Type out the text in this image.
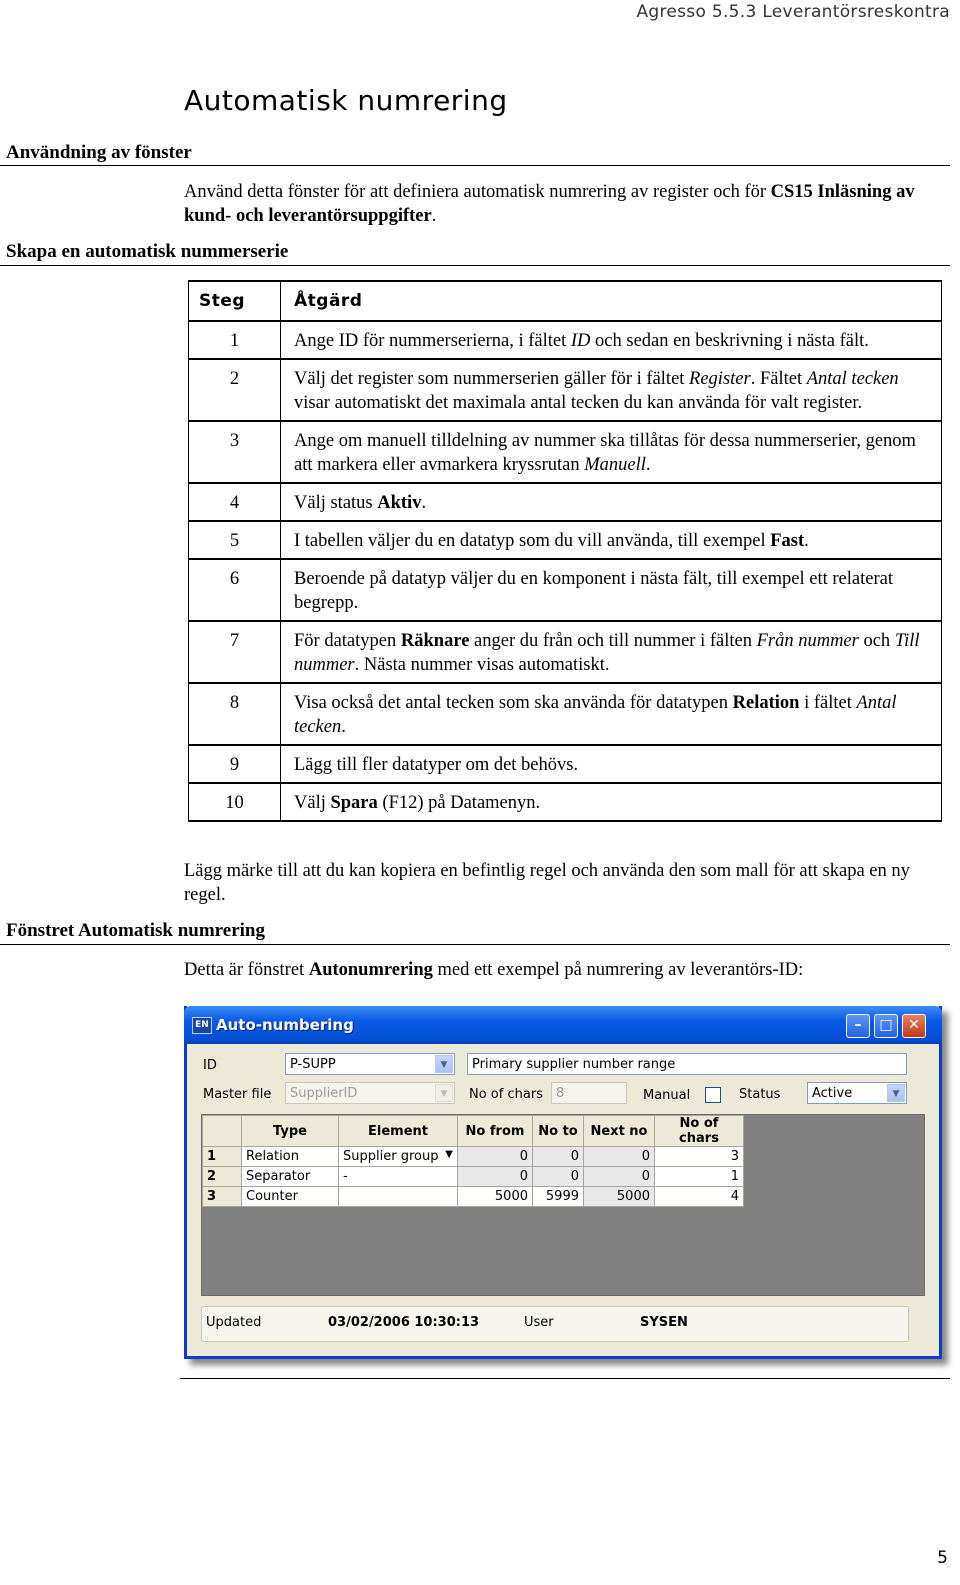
Agresso 5.5.3 Leverantörsreskontra
Automatisk numrering
Användning av fönster
Använd detta fönster för att definiera automatisk numrering av register och för CS15 Inläsning av kund- och leverantörsuppgifter.
Skapa en automatisk nummerserie
Steg	Åtgärd
1	Ange ID för nummerserierna, i fältet ID och sedan en beskrivning i nästa fält.
2	Välj det register som nummerserien gäller för i fältet Register. Fältet Antal tecken visar automatiskt det maximala antal tecken du kan använda för valt register.
3	Ange om manuell tilldelning av nummer ska tillåtas för dessa nummerserier, genom att markera eller avmarkera kryssrutan Manuell.
4	Välj status Aktiv.
5	I tabellen väljer du en datatyp som du vill använda, till exempel Fast.
6	Beroende på datatyp väljer du en komponent i nästa fält, till exempel ett relaterat begrepp.
7	För datatypen Räknare anger du från och till nummer i fälten Från nummer och Till nummer. Nästa nummer visas automatiskt.
8	Visa också det antal tecken som ska använda för datatypen Relation i fältet Antal tecken.
9	Lägg till fler datatyper om det behövs.
10	Välj Spara (F12) på Datamenyn.
Lägg märke till att du kan kopiera en befintlig regel och använda den som mall för att skapa en ny regel.
Fönstret Automatisk numrering
Detta är fönstret Autonumrering med ett exempel på numrering av leverantörs-ID:
EN Auto-numbering	–	□	✕
ID	P-SUPP	▼	Primary supplier number range
Master file	SupplierID	▼	No of chars	8	Manual	Status	Active	▼
	Type	Element	No from	No to	Next no	No of chars
1	Relation	Supplier group ▼	0	0	0	3
2	Separator	-	0	0	0	1
3	Counter		5000	5999	5000	4
Updated	03/02/2006 10:30:13	User	SYSEN
5
